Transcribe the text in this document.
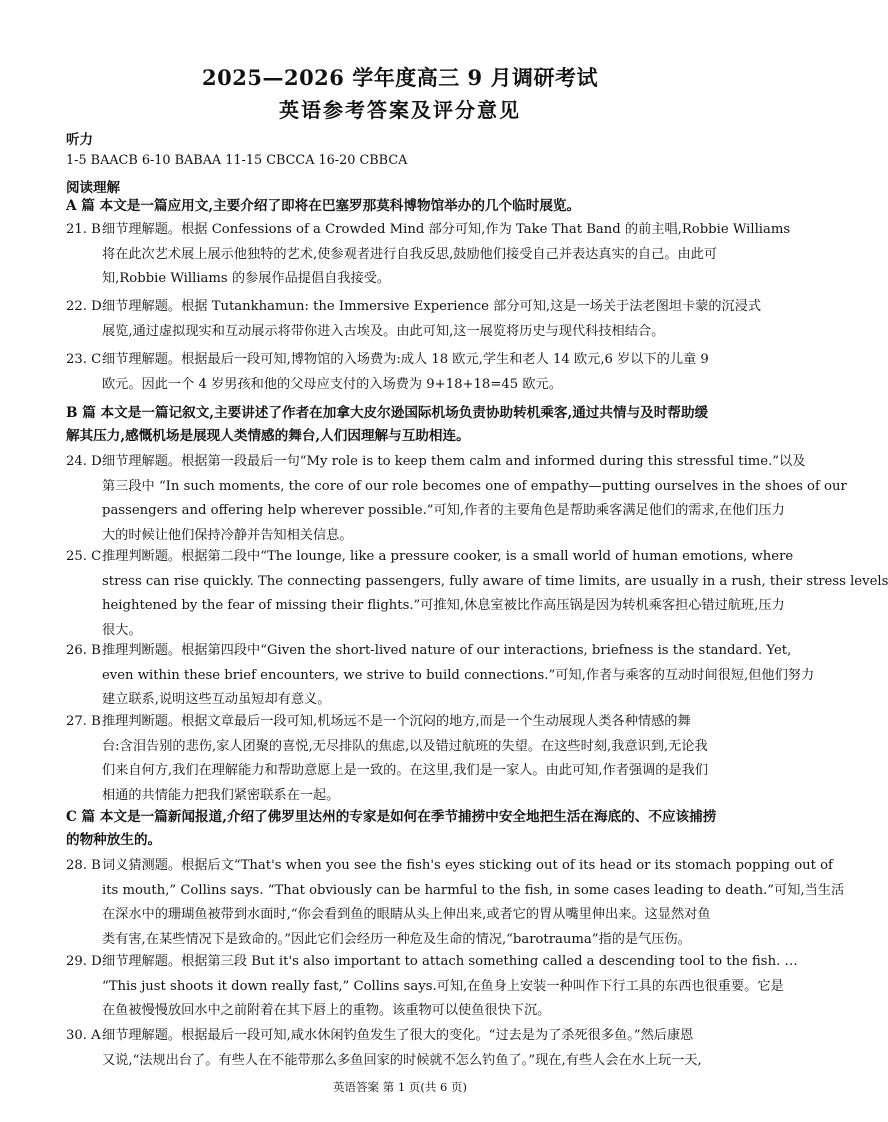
2025—2026 学年度高三 9 月调研考试
英语参考答案及评分意见
听力
1-5 BAACB 6-10 BABAA 11-15 CBCCA 16-20 CBBCA
阅读理解
A 篇 本文是一篇应用文,主要介绍了即将在巴塞罗那莫科博物馆举办的几个临时展览。
21. B细节理解题。根据 Confessions of a Crowded Mind 部分可知,作为 Take That Band 的前主唱,Robbie Williams
将在此次艺术展上展示他独特的艺术,使参观者进行自我反思,鼓励他们接受自己并表达真实的自己。由此可
知,Robbie Williams 的参展作品提倡自我接受。
22. D细节理解题。根据 Tutankhamun: the Immersive Experience 部分可知,这是一场关于法老图坦卡蒙的沉浸式
展览,通过虚拟现实和互动展示将带你进入古埃及。由此可知,这一展览将历史与现代科技相结合。
23. C细节理解题。根据最后一段可知,博物馆的入场费为:成人 18 欧元,学生和老人 14 欧元,6 岁以下的儿童 9
欧元。因此一个 4 岁男孩和他的父母应支付的入场费为 9+18+18=45 欧元。
B 篇 本文是一篇记叙文,主要讲述了作者在加拿大皮尔逊国际机场负责协助转机乘客,通过共情与及时帮助缓
解其压力,感慨机场是展现人类情感的舞台,人们因理解与互助相连。
24. D细节理解题。根据第一段最后一句“My role is to keep them calm and informed during this stressful time.”以及
第三段中 “In such moments, the core of our role becomes one of empathy—putting ourselves in the shoes of our
passengers and offering help wherever possible.”可知,作者的主要角色是帮助乘客满足他们的需求,在他们压力
大的时候让他们保持冷静并告知相关信息。
25. C推理判断题。根据第二段中“The lounge, like a pressure cooker, is a small world of human emotions, where
stress can rise quickly. The connecting passengers, fully aware of time limits, are usually in a rush, their stress levels
heightened by the fear of missing their flights.”可推知,休息室被比作高压锅是因为转机乘客担心错过航班,压力
很大。
26. B推理判断题。根据第四段中“Given the short-lived nature of our interactions, briefness is the standard. Yet,
even within these brief encounters, we strive to build connections.”可知,作者与乘客的互动时间很短,但他们努力
建立联系,说明这些互动虽短却有意义。
27. B推理判断题。根据文章最后一段可知,机场远不是一个沉闷的地方,而是一个生动展现人类各种情感的舞
台:含泪告别的悲伤,家人团聚的喜悦,无尽排队的焦虑,以及错过航班的失望。在这些时刻,我意识到,无论我
们来自何方,我们在理解能力和帮助意愿上是一致的。在这里,我们是一家人。由此可知,作者强调的是我们
相通的共情能力把我们紧密联系在一起。
C 篇 本文是一篇新闻报道,介绍了佛罗里达州的专家是如何在季节捕捞中安全地把生活在海底的、不应该捕捞
的物种放生的。
28. B词义猜测题。根据后文“That's when you see the fish's eyes sticking out of its head or its stomach popping out of
its mouth,” Collins says. “That obviously can be harmful to the fish, in some cases leading to death.”可知,当生活
在深水中的珊瑚鱼被带到水面时,“你会看到鱼的眼睛从头上伸出来,或者它的胃从嘴里伸出来。这显然对鱼
类有害,在某些情况下是致命的。”因此它们会经历一种危及生命的情况,“barotrauma”指的是气压伤。
29. D细节理解题。根据第三段 But it's also important to attach something called a descending tool to the fish. …
“This just shoots it down really fast,” Collins says.可知,在鱼身上安装一种叫作下行工具的东西也很重要。它是
在鱼被慢慢放回水中之前附着在其下唇上的重物。该重物可以使鱼很快下沉。
30. A细节理解题。根据最后一段可知,咸水休闲钓鱼发生了很大的变化。“过去是为了杀死很多鱼。”然后康恩
又说,“法规出台了。有些人在不能带那么多鱼回家的时候就不怎么钓鱼了。”现在,有些人会在水上玩一天,
英语答案 第 1 页(共 6 页)
